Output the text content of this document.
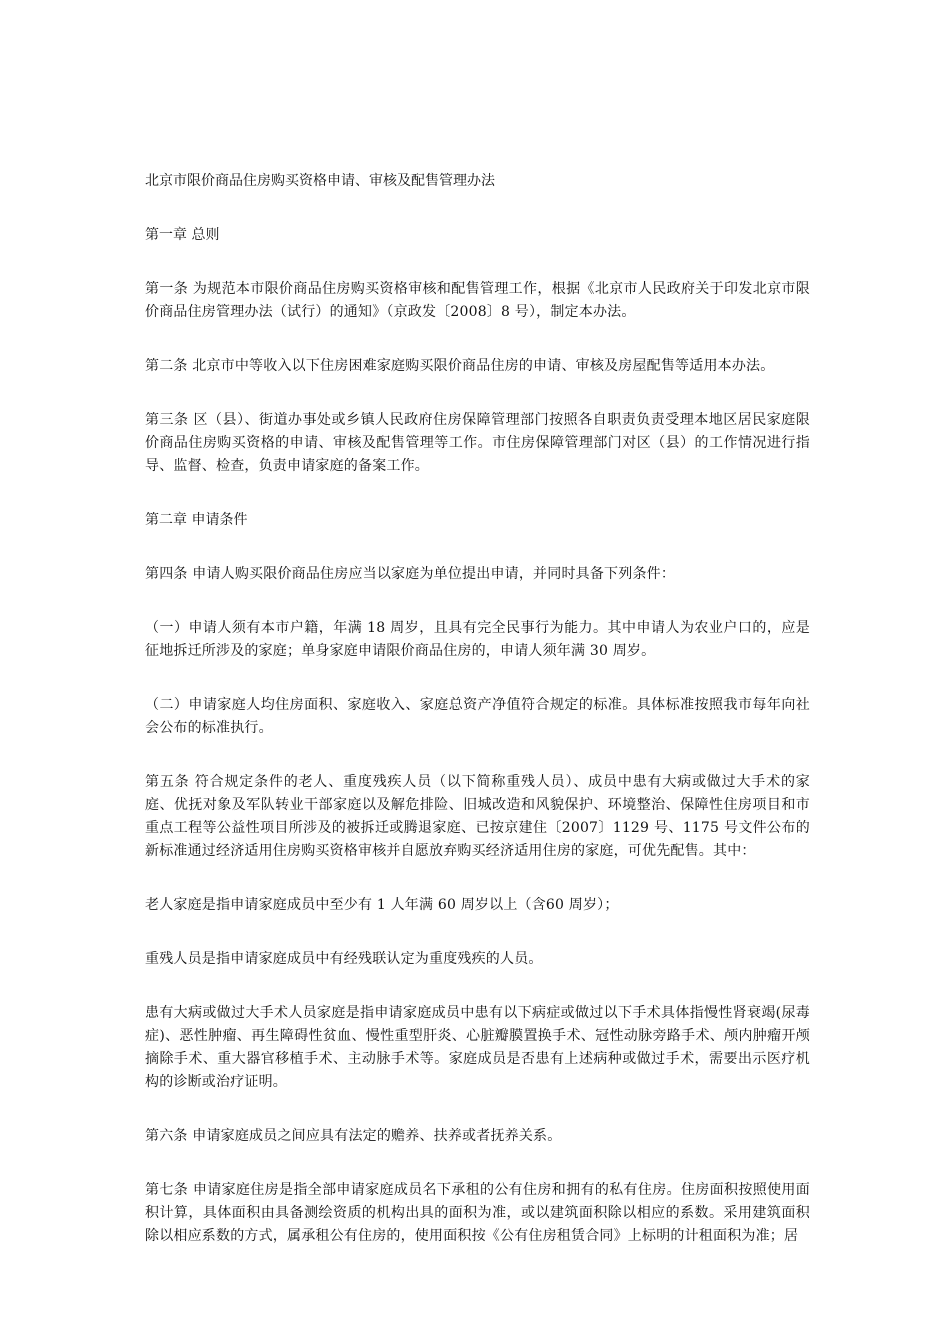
北京市限价商品住房购买资格申请、审核及配售管理办法

第一章 总则

第一条 为规范本市限价商品住房购买资格审核和配售管理工作，根据《北京市人民政府关于印发北京市限价商品住房管理办法（试行）的通知》（京政发〔2008〕8 号），制定本办法。

第二条 北京市中等收入以下住房困难家庭购买限价商品住房的申请、审核及房屋配售等适用本办法。

第三条 区（县）、街道办事处或乡镇人民政府住房保障管理部门按照各自职责负责受理本地区居民家庭限价商品住房购买资格的申请、审核及配售管理等工作。市住房保障管理部门对区（县）的工作情况进行指导、监督、检查，负责申请家庭的备案工作。

第二章 申请条件

第四条 申请人购买限价商品住房应当以家庭为单位提出申请，并同时具备下列条件：

（一）申请人须有本市户籍，年满 18 周岁，且具有完全民事行为能力。其中申请人为农业户口的，应是征地拆迁所涉及的家庭；单身家庭申请限价商品住房的，申请人须年满 30 周岁。

（二）申请家庭人均住房面积、家庭收入、家庭总资产净值符合规定的标准。具体标准按照我市每年向社会公布的标准执行。

第五条 符合规定条件的老人、重度残疾人员（以下简称重残人员）、成员中患有大病或做过大手术的家庭、优抚对象及军队转业干部家庭以及解危排险、旧城改造和风貌保护、环境整治、保障性住房项目和市重点工程等公益性项目所涉及的被拆迁或腾退家庭、已按京建住〔2007〕1129 号、1175 号文件公布的新标准通过经济适用住房购买资格审核并自愿放弃购买经济适用住房的家庭，可优先配售。其中：

老人家庭是指申请家庭成员中至少有 1 人年满 60 周岁以上（含60 周岁）；

重残人员是指申请家庭成员中有经残联认定为重度残疾的人员。

患有大病或做过大手术人员家庭是指申请家庭成员中患有以下病症或做过以下手术具体指慢性肾衰竭(尿毒症)、恶性肿瘤、再生障碍性贫血、慢性重型肝炎、心脏瓣膜置换手术、冠性动脉旁路手术、颅内肿瘤开颅摘除手术、重大器官移植手术、主动脉手术等。家庭成员是否患有上述病种或做过手术，需要出示医疗机构的诊断或治疗证明。

第六条 申请家庭成员之间应具有法定的赡养、扶养或者抚养关系。

第七条 申请家庭住房是指全部申请家庭成员名下承租的公有住房和拥有的私有住房。住房面积按照使用面积计算，具体面积由具备测绘资质的机构出具的面积为准，或以建筑面积除以相应的系数。采用建筑面积除以相应系数的方式，属承租公有住房的，使用面积按《公有住房租赁合同》上标明的计租面积为准；居
